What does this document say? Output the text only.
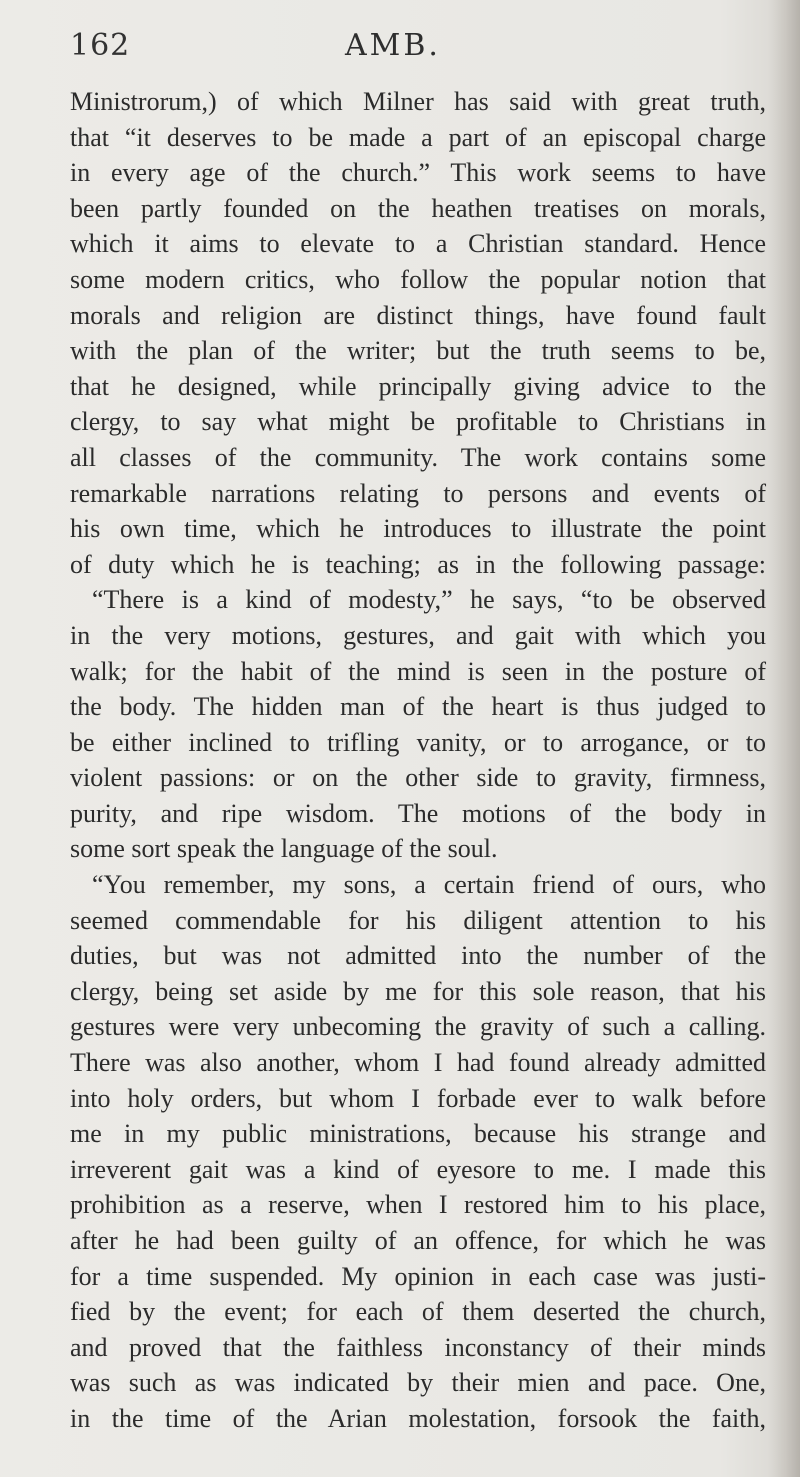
162	AMB.
Ministrorum,) of which Milner has said with great truth,
that “it deserves to be made a part of an episcopal charge
in every age of the church.” This work seems to have
been partly founded on the heathen treatises on morals,
which it aims to elevate to a Christian standard. Hence
some modern critics, who follow the popular notion that
morals and religion are distinct things, have found fault
with the plan of the writer; but the truth seems to be,
that he designed, while principally giving advice to the
clergy, to say what might be profitable to Christians in
all classes of the community. The work contains some
remarkable narrations relating to persons and events of
his own time, which he introduces to illustrate the point
of duty which he is teaching; as in the following passage:
“There is a kind of modesty,” he says, “to be observed
in the very motions, gestures, and gait with which you
walk; for the habit of the mind is seen in the posture of
the body. The hidden man of the heart is thus judged to
be either inclined to trifling vanity, or to arrogance, or to
violent passions: or on the other side to gravity, firmness,
purity, and ripe wisdom. The motions of the body in
some sort speak the language of the soul.
“You remember, my sons, a certain friend of ours, who
seemed commendable for his diligent attention to his
duties, but was not admitted into the number of the
clergy, being set aside by me for this sole reason, that his
gestures were very unbecoming the gravity of such a calling.
There was also another, whom I had found already admitted
into holy orders, but whom I forbade ever to walk before
me in my public ministrations, because his strange and
irreverent gait was a kind of eyesore to me. I made this
prohibition as a reserve, when I restored him to his place,
after he had been guilty of an offence, for which he was
for a time suspended. My opinion in each case was justi-
fied by the event; for each of them deserted the church,
and proved that the faithless inconstancy of their minds
was such as was indicated by their mien and pace. One,
in the time of the Arian molestation, forsook the faith,
